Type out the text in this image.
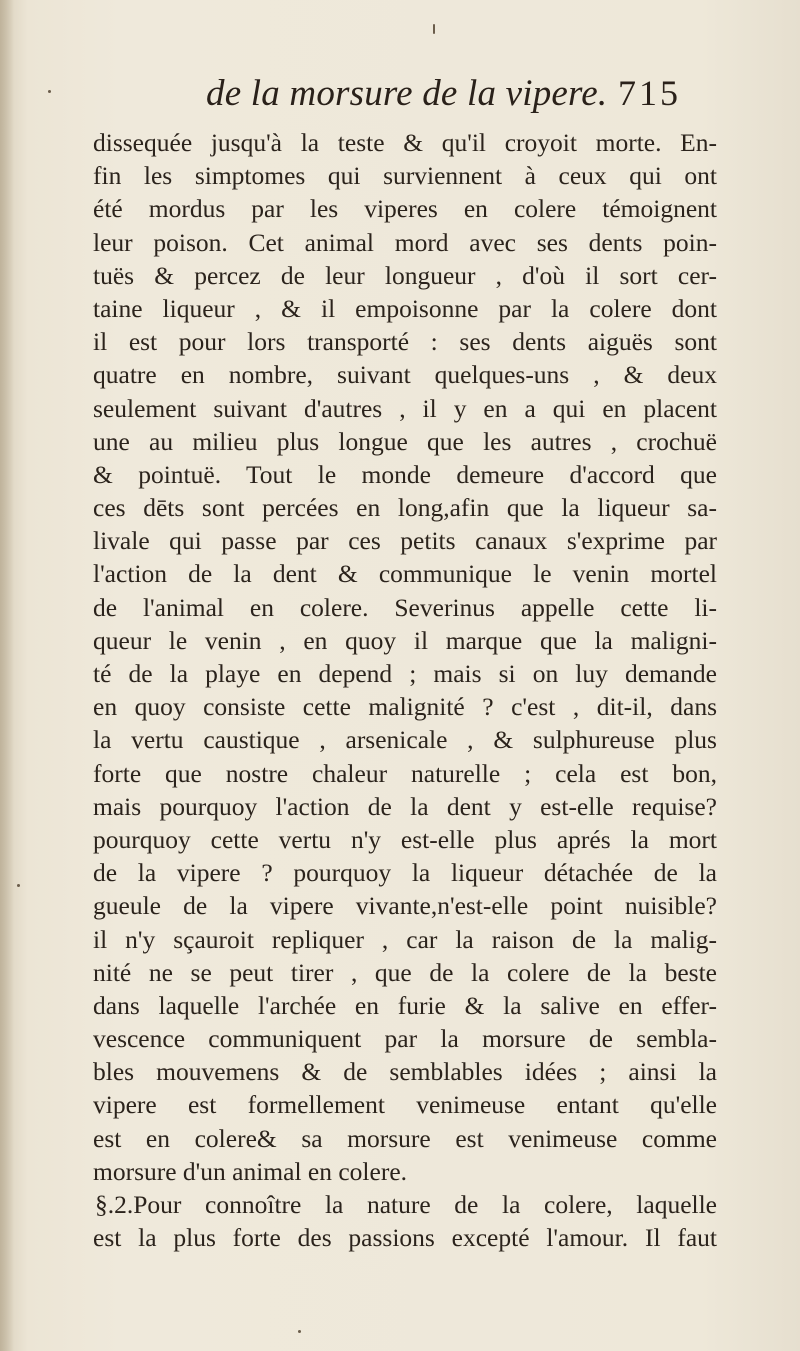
de la morsure de la vipere. 715
dissequée jusqu'à la teste & qu'il croyoit morte. En-
fin les simptomes qui surviennent à ceux qui ont
été mordus par les viperes en colere témoignent
leur poison. Cet animal mord avec ses dents poin-
tuës & percez de leur longueur , d'où il sort cer-
taine liqueur , & il empoisonne par la colere dont
il est pour lors transporté : ses dents aiguës sont
quatre en nombre, suivant quelques-uns , & deux
seulement suivant d'autres , il y en a qui en placent
une au milieu plus longue que les autres , crochuë
& pointuë. Tout le monde demeure d'accord que
ces dēts sont percées en long,afin que la liqueur sa-
livale qui passe par ces petits canaux s'exprime par
l'action de la dent & communique le venin mortel
de l'animal en colere. Severinus appelle cette li-
queur le venin , en quoy il marque que la maligni-
té de la playe en depend ; mais si on luy demande
en quoy consiste cette malignité ? c'est , dit-il, dans
la vertu caustique , arsenicale , & sulphureuse plus
forte que nostre chaleur naturelle ; cela est bon,
mais pourquoy l'action de la dent y est-elle requise?
pourquoy cette vertu n'y est-elle plus aprés la mort
de la vipere ? pourquoy la liqueur détachée de la
gueule de la vipere vivante,n'est-elle point nuisible?
il n'y sçauroit repliquer , car la raison de la malig-
nité ne se peut tirer , que de la colere de la beste
dans laquelle l'archée en furie & la salive en effer-
vescence communiquent par la morsure de sembla-
bles mouvemens & de semblables idées ; ainsi la
vipere est formellement venimeuse entant qu'elle
est en colere& sa morsure est venimeuse comme
morsure d'un animal en colere.
§.2.Pour connoître la nature de la colere, laquelle
est la plus forte des passions excepté l'amour. Il faut
